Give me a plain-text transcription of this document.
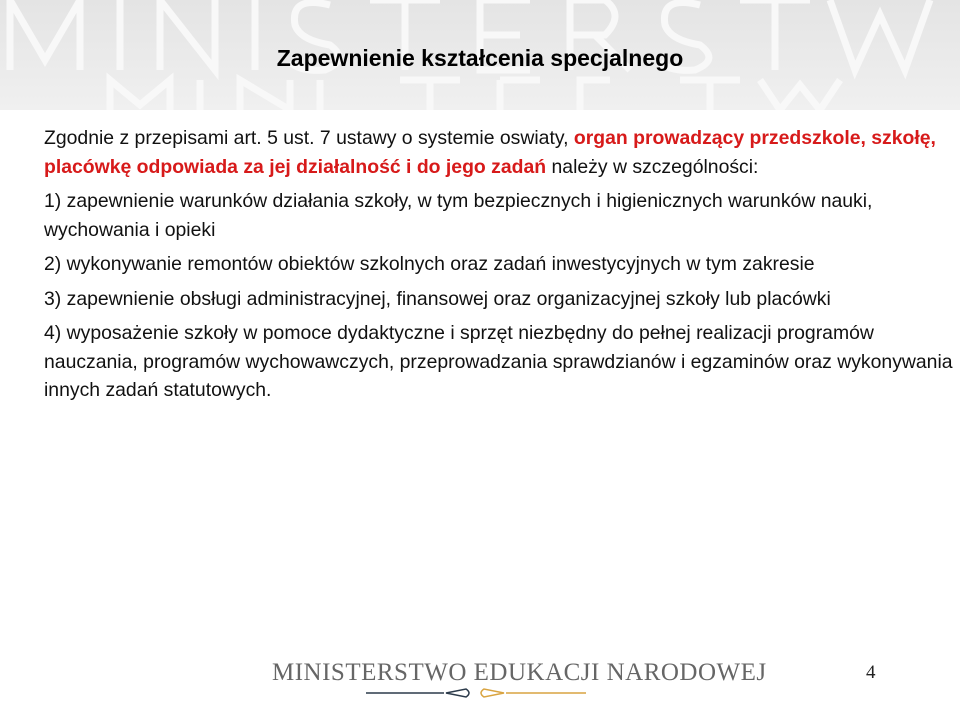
Zapewnienie kształcenia specjalnego

Zgodnie z przepisami art. 5 ust. 7 ustawy o systemie oswiaty, organ prowadzący przedszkole, szkołę, placówkę odpowiada za jej działalność i do jego zadań należy w szczególności:

1) zapewnienie warunków działania szkoły, w tym bezpiecznych i higienicznych warunków nauki, wychowania i opieki

2) wykonywanie remontów obiektów szkolnych oraz zadań inwestycyjnych w tym zakresie

3) zapewnienie obsługi administracyjnej, finansowej oraz organizacyjnej szkoły lub placówki

4) wyposażenie szkoły w pomoce dydaktyczne i sprzęt niezbędny do pełnej realizacji programów nauczania, programów wychowawczych, przeprowadzania sprawdzianów i egzaminów oraz wykonywania innych zadań statutowych.

MINISTERSTWO EDUKACJI NARODOWEJ	4
